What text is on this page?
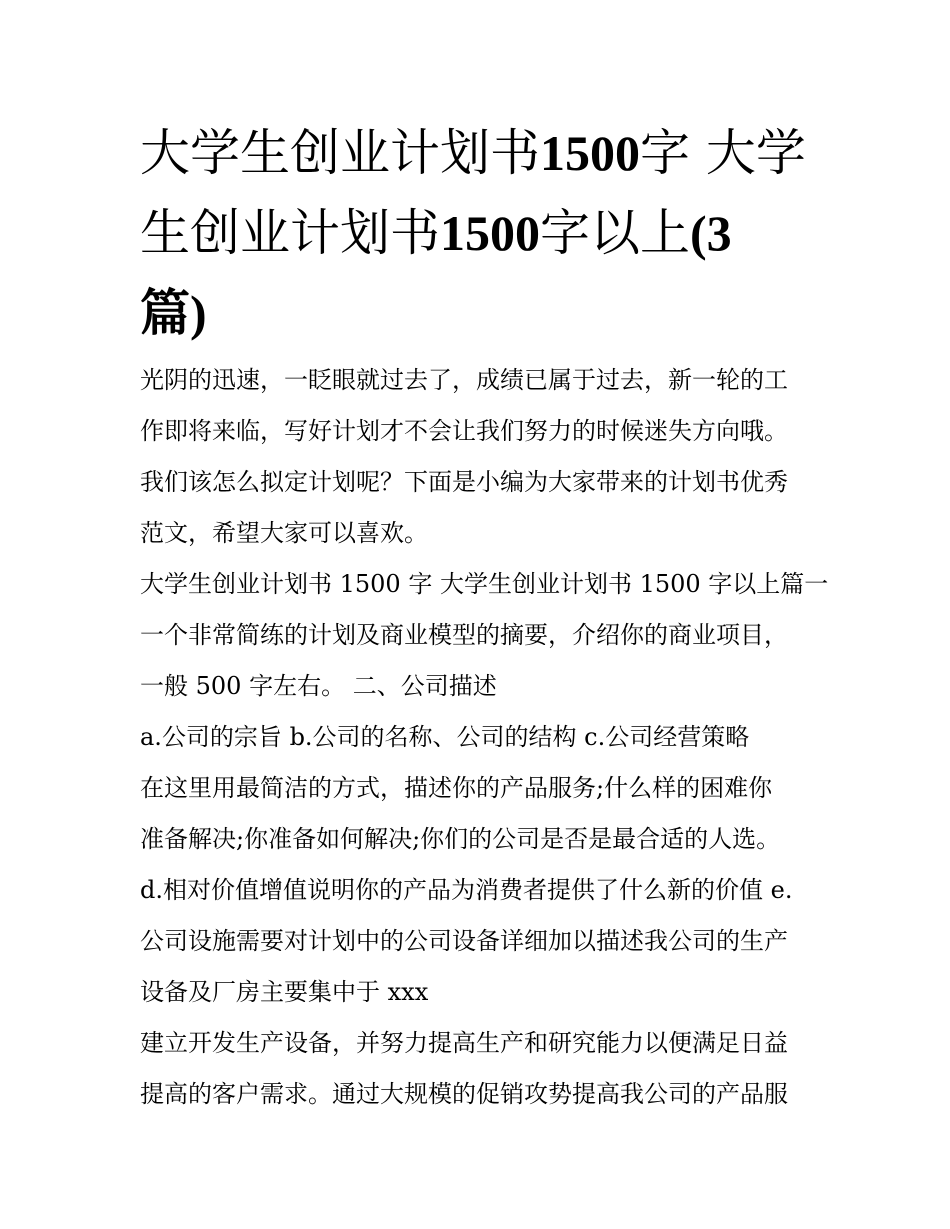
大学生创业计划书1500字 大学生创业计划书1500字以上(3
篇)

光阴的迅速，一眨眼就过去了，成绩已属于过去，新一轮的工

作即将来临，写好计划才不会让我们努力的时候迷失方向哦。

我们该怎么拟定计划呢？下面是小编为大家带来的计划书优秀

范文，希望大家可以喜欢。

大学生创业计划书 1500 字 大学生创业计划书 1500 字以上篇一

一个非常简练的计划及商业模型的摘要，介绍你的商业项目，

一般 500 字左右。 二、公司描述

a.公司的宗旨 b.公司的名称、公司的结构 c.公司经营策略

在这里用最简洁的方式，描述你的产品服务;什么样的困难你

准备解决;你准备如何解决;你们的公司是否是最合适的人选。

d.相对价值增值说明你的产品为消费者提供了什么新的价值 e.

公司设施需要对计划中的公司设备详细加以描述我公司的生产

设备及厂房主要集中于 xxx

建立开发生产设备，并努力提高生产和研究能力以便满足日益

提高的客户需求。通过大规模的促销攻势提高我公司的产品服
